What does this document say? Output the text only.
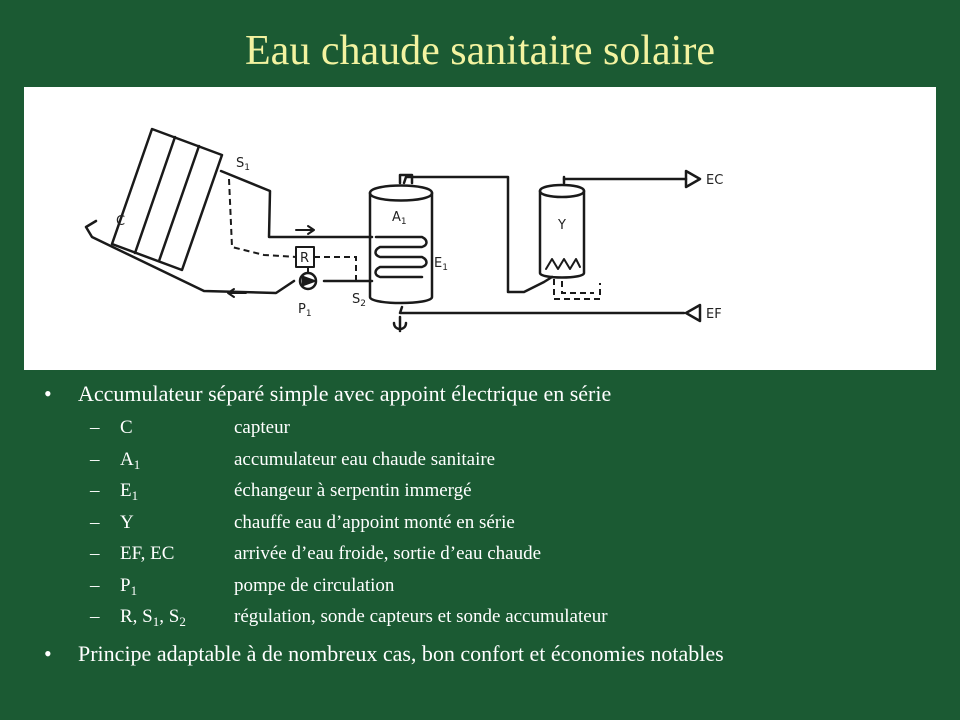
Eau chaude sanitaire solaire
C
$S_1$
$A_1$
$E_1$
R
$P_1$
$S_2$
Y
EC
EF
• Accumulateur séparé simple avec appoint électrique en série
– C	capteur
– $A_1$	accumulateur eau chaude sanitaire
– $E_1$	échangeur à serpentin immergé
– Y	chauffe eau d’appoint monté en série
– EF, EC	arrivée d’eau froide, sortie d’eau chaude
– $P_1$	pompe de circulation
– R, $S_1$, $S_2$	régulation, sonde capteurs et sonde accumulateur
• Principe adaptable à de nombreux cas, bon confort et économies notables
